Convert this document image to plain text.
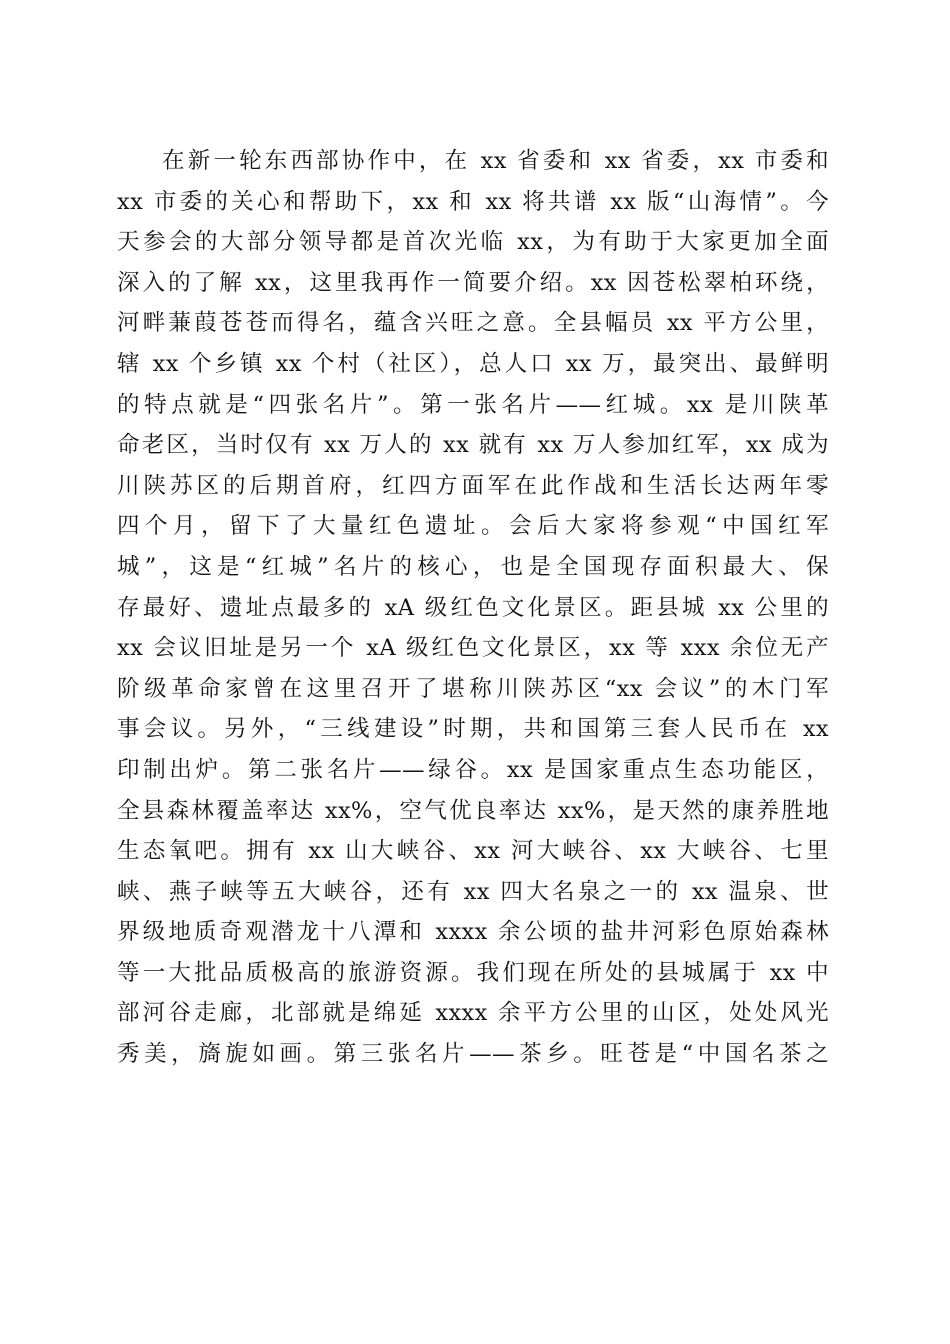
在新一轮东西部协作中，在 xx 省委和 xx 省委，xx 市委和
xx 市委的关心和帮助下，xx 和 xx 将共谱 xx 版“山海情”。今
天参会的大部分领导都是首次光临 xx，为有助于大家更加全面
深入的了解 xx，这里我再作一简要介绍。xx 因苍松翠柏环绕，
河畔蒹葭苍苍而得名，蕴含兴旺之意。全县幅员 xx 平方公里，
辖 xx 个乡镇 xx 个村（社区），总人口 xx 万，最突出、最鲜明
的特点就是“四张名片”。第一张名片——红城。xx 是川陕革
命老区，当时仅有 xx 万人的 xx 就有 xx 万人参加红军，xx 成为
川陕苏区的后期首府，红四方面军在此作战和生活长达两年零
四个月，留下了大量红色遗址。会后大家将参观“中国红军
城”，这是“红城”名片的核心，也是全国现存面积最大、保
存最好、遗址点最多的 xA 级红色文化景区。距县城 xx 公里的
xx 会议旧址是另一个 xA 级红色文化景区，xx 等 xxx 余位无产
阶级革命家曾在这里召开了堪称川陕苏区“xx 会议”的木门军
事会议。另外，“三线建设”时期，共和国第三套人民币在 xx
印制出炉。第二张名片——绿谷。xx 是国家重点生态功能区，
全县森林覆盖率达 xx%，空气优良率达 xx%，是天然的康养胜地
生态氧吧。拥有 xx 山大峡谷、xx 河大峡谷、xx 大峡谷、七里
峡、燕子峡等五大峡谷，还有 xx 四大名泉之一的 xx 温泉、世
界级地质奇观潜龙十八潭和 xxxx 余公顷的盐井河彩色原始森林
等一大批品质极高的旅游资源。我们现在所处的县城属于 xx 中
部河谷走廊，北部就是绵延 xxxx 余平方公里的山区，处处风光
秀美，旖旎如画。第三张名片——茶乡。旺苍是“中国名茶之
